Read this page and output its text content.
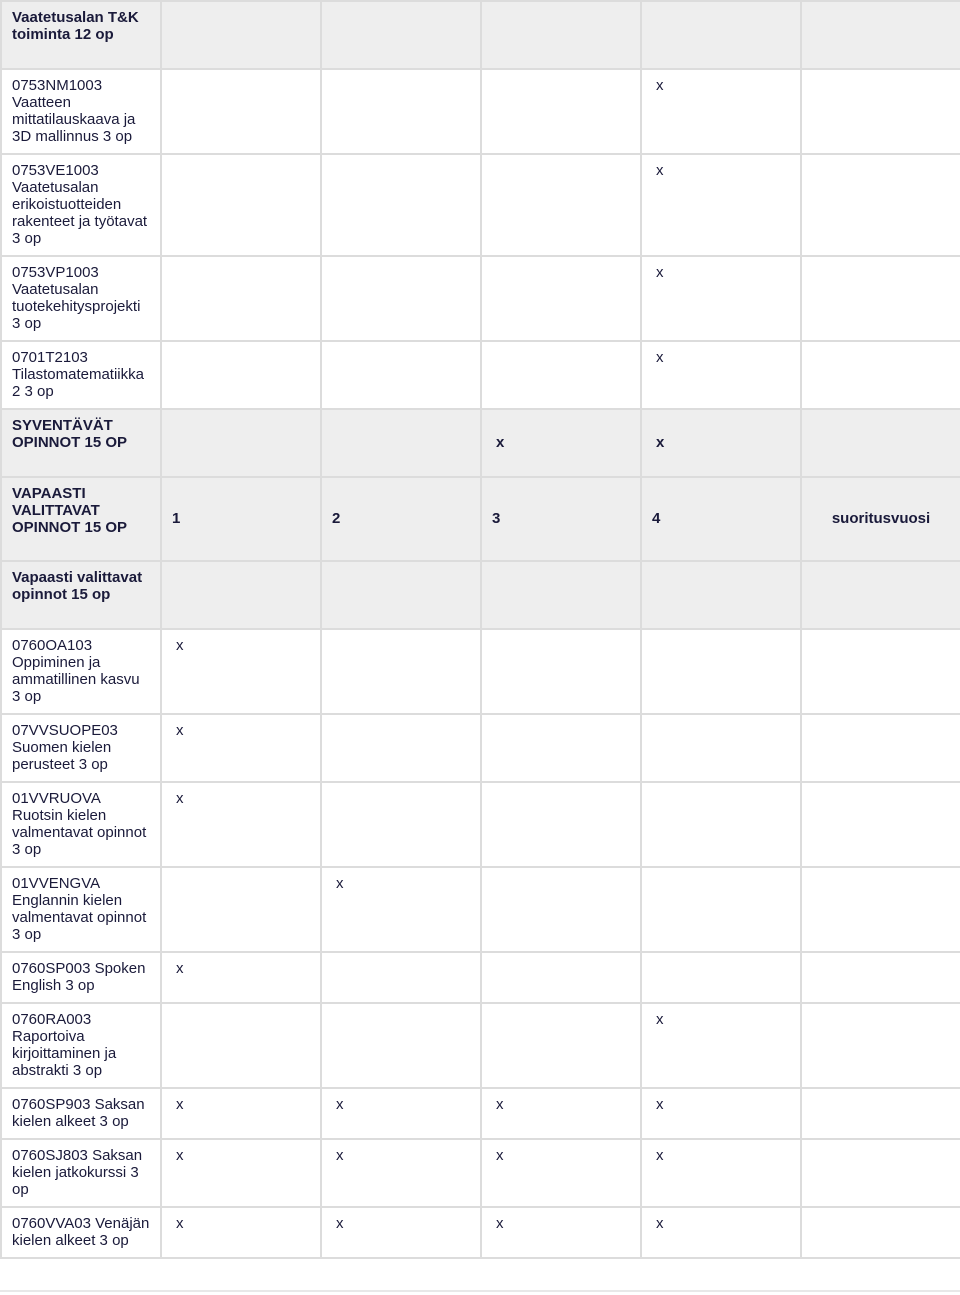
Vaatetusalan T&K toiminta 12 op					
0753NM1003 Vaatteen mittatilauskaava ja 3D mallinnus 3 op				x	
0753VE1003 Vaatetusalan erikoistuotteiden rakenteet ja työtavat 3 op				x	
0753VP1003 Vaatetusalan tuotekehitysprojekti 3 op				x	
0701T2103 Tilastomatematiikka 2 3 op				x	
SYVENTÄVÄT OPINNOT 15 OP			x	x	
VAPAASTI VALITTAVAT OPINNOT 15 OP	1	2	3	4	suoritusvuosi
Vapaasti valittavat opinnot 15 op					
0760OA103 Oppiminen ja ammatillinen kasvu 3 op	x				
07VVSUOPE03 Suomen kielen perusteet 3 op	x				
01VVRUOVA Ruotsin kielen valmentavat opinnot 3 op	x				
01VVENGVA Englannin kielen valmentavat opinnot 3 op		x			
0760SP003 Spoken English 3 op	x				
0760RA003 Raportoiva kirjoittaminen ja abstrakti 3 op				x	
0760SP903 Saksan kielen alkeet 3 op	x	x	x	x	
0760SJ803 Saksan kielen jatkokurssi 3 op	x	x	x	x	
0760VVA03 Venäjän kielen alkeet 3 op	x	x	x	x	
